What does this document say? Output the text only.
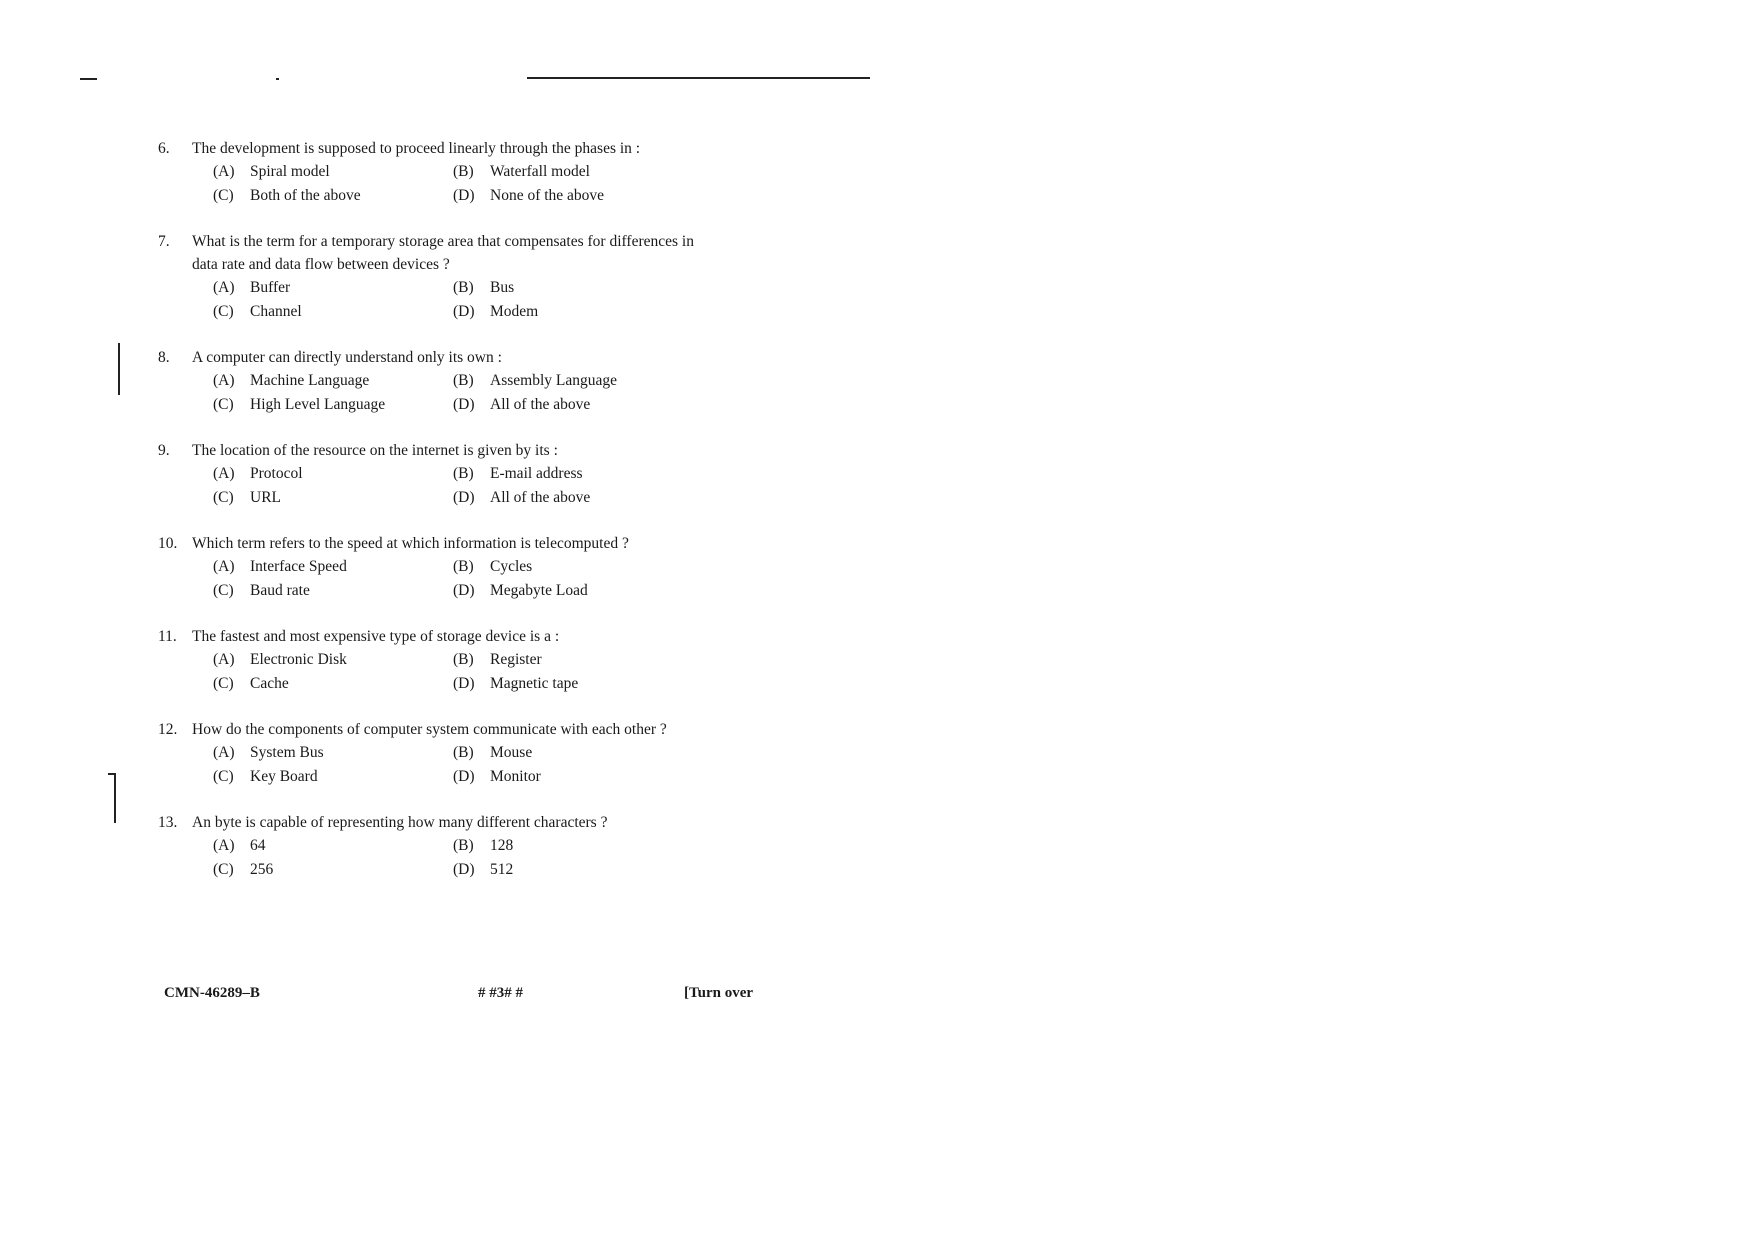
6.	The development is supposed to proceed linearly through the phases in :
(A) Spiral model	(B)	Waterfall model
(C)	Both of the above	(D) None of the above
7.	What is the term for a temporary storage area that compensates for differences in data rate and data flow between devices ?
(A) Buffer	(B)	Bus
(C)	Channel	(D) Modem
8.	A computer can directly understand only its own :
(A) Machine Language	(B)	Assembly Language
(C)	High Level Language	(D) All of the above
9.	The location of the resource on the internet is given by its :
(A) Protocol	(B)	E-mail address
(C)	URL	(D) All of the above
10. Which term refers to the speed at which information is telecomputed ?
(A) Interface Speed	(B)	Cycles
(C)	Baud rate	(D) Megabyte Load
11. The fastest and most expensive type of storage device is a :
(A) Electronic Disk	(B)	Register
(C)	Cache	(D) Magnetic tape
12. How do the components of computer system communicate with each other ?
(A) System Bus	(B)	Mouse
(C)	Key Board	(D) Monitor
13. An byte is capable of representing how many different characters ?
(A) 64	(B)	128
(C)	256	(D) 512
CMN-46289–B	# #3# #	[Turn over
